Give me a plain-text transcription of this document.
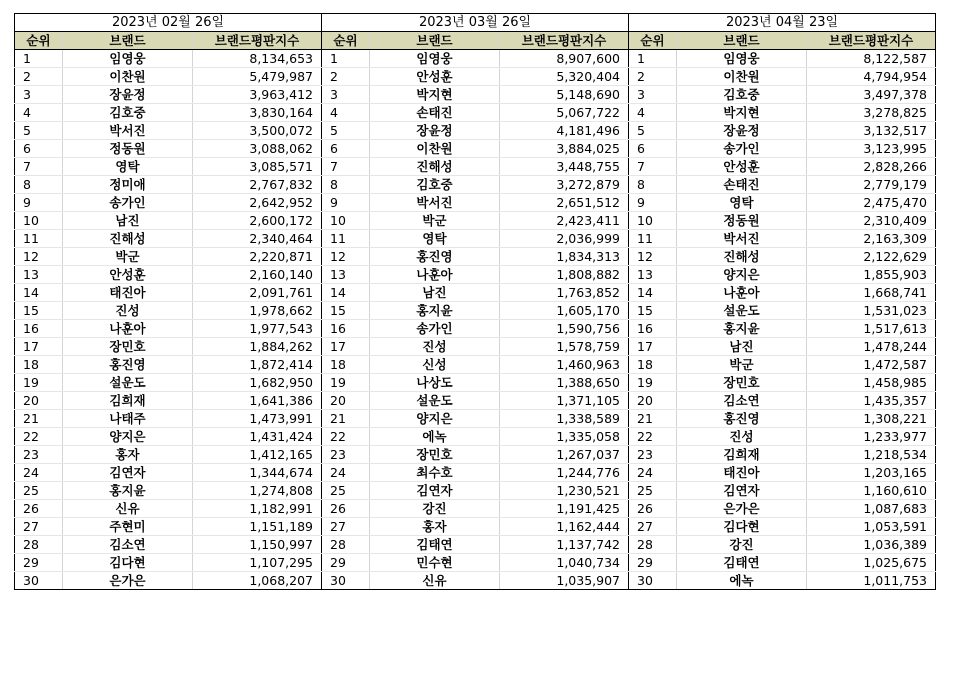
2023년 02월 26일			2023년 03월 26일			2023년 04월 23일		
순위	브랜드	브랜드평판지수	순위	브랜드	브랜드평판지수	순위	브랜드	브랜드평판지수
1	임영웅	8,134,653	1	임영웅	8,907,600	1	임영웅	8,122,587
2	이찬원	5,479,987	2	안성훈	5,320,404	2	이찬원	4,794,954
3	장윤정	3,963,412	3	박지현	5,148,690	3	김호중	3,497,378
4	김호중	3,830,164	4	손태진	5,067,722	4	박지현	3,278,825
5	박서진	3,500,072	5	장윤정	4,181,496	5	장윤정	3,132,517
6	정동원	3,088,062	6	이찬원	3,884,025	6	송가인	3,123,995
7	영탁	3,085,571	7	진해성	3,448,755	7	안성훈	2,828,266
8	정미애	2,767,832	8	김호중	3,272,879	8	손태진	2,779,179
9	송가인	2,642,952	9	박서진	2,651,512	9	영탁	2,475,470
10	남진	2,600,172	10	박군	2,423,411	10	정동원	2,310,409
11	진해성	2,340,464	11	영탁	2,036,999	11	박서진	2,163,309
12	박군	2,220,871	12	홍진영	1,834,313	12	진해성	2,122,629
13	안성훈	2,160,140	13	나훈아	1,808,882	13	양지은	1,855,903
14	태진아	2,091,761	14	남진	1,763,852	14	나훈아	1,668,741
15	진성	1,978,662	15	홍지윤	1,605,170	15	설운도	1,531,023
16	나훈아	1,977,543	16	송가인	1,590,756	16	홍지윤	1,517,613
17	장민호	1,884,262	17	진성	1,578,759	17	남진	1,478,244
18	홍진영	1,872,414	18	신성	1,460,963	18	박군	1,472,587
19	설운도	1,682,950	19	나상도	1,388,650	19	장민호	1,458,985
20	김희재	1,641,386	20	설운도	1,371,105	20	김소연	1,435,357
21	나태주	1,473,991	21	양지은	1,338,589	21	홍진영	1,308,221
22	양지은	1,431,424	22	에녹	1,335,058	22	진성	1,233,977
23	홍자	1,412,165	23	장민호	1,267,037	23	김희재	1,218,534
24	김연자	1,344,674	24	최수호	1,244,776	24	태진아	1,203,165
25	홍지윤	1,274,808	25	김연자	1,230,521	25	김연자	1,160,610
26	신유	1,182,991	26	강진	1,191,425	26	은가은	1,087,683
27	주현미	1,151,189	27	홍자	1,162,444	27	김다현	1,053,591
28	김소연	1,150,997	28	김태연	1,137,742	28	강진	1,036,389
29	김다현	1,107,295	29	민수현	1,040,734	29	김태연	1,025,675
30	은가은	1,068,207	30	신유	1,035,907	30	에녹	1,011,753
